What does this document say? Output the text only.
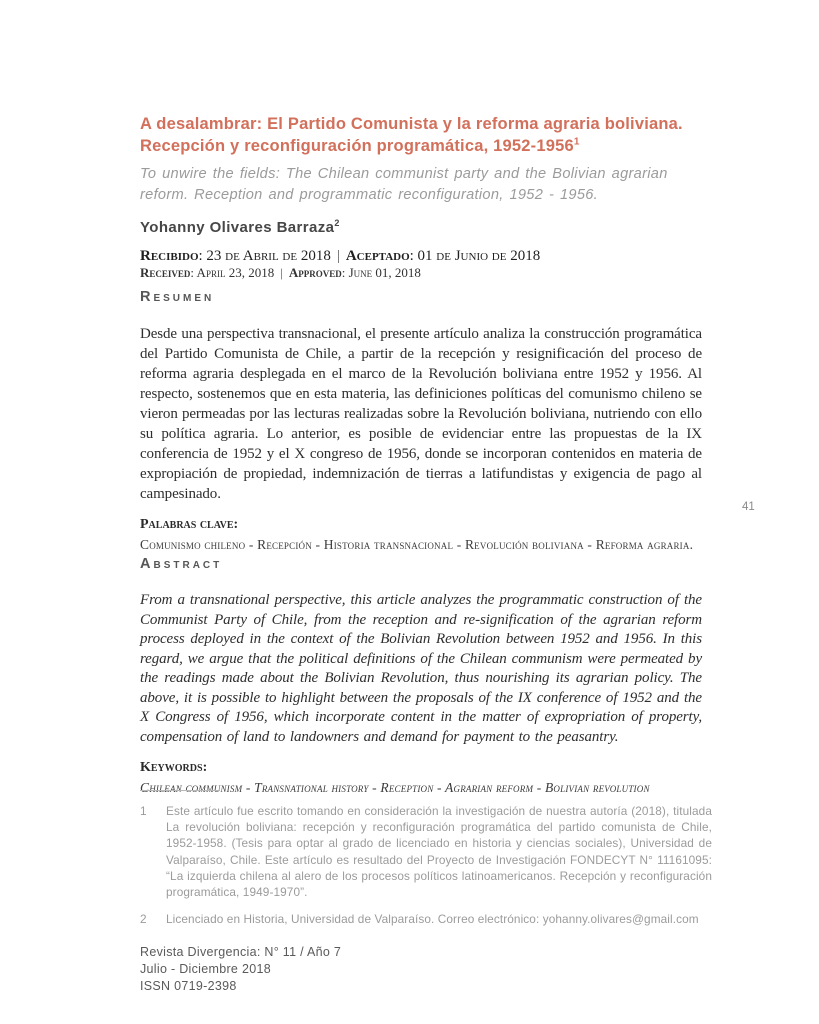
A desalambrar: El Partido Comunista y la reforma agraria boliviana.
Recepción y reconfiguración programática, 1952-1956$^1$
To unwire the fields: The Chilean communist party and the Bolivian agrarian reform. Reception and programmatic reconfiguration, 1952 - 1956.
Yohanny Olivares Barraza$^2$
Recibido: 23 de Abril de 2018 | Aceptado: 01 de Junio de 2018
Received: April 23, 2018 | Approved: June 01, 2018
Resumen
Desde una perspectiva transnacional, el presente artículo analiza la construcción programática del Partido Comunista de Chile, a partir de la recepción y resignificación del proceso de reforma agraria desplegada en el marco de la Revolución boliviana entre 1952 y 1956. Al respecto, sostenemos que en esta materia, las definiciones políticas del comunismo chileno se vieron permeadas por las lecturas realizadas sobre la Revolución boliviana, nutriendo con ello su política agraria. Lo anterior, es posible de evidenciar entre las propuestas de la IX conferencia de 1952 y el X congreso de 1956, donde se incorporan contenidos en materia de expropiación de propiedad, indemnización de tierras a latifundistas y exigencia de pago al campesinado.
Palabras clave:
Comunismo chileno - Recepción - Historia transnacional - Revolución boliviana - Reforma agraria.
Abstract
From a transnational perspective, this article analyzes the programmatic construction of the Communist Party of Chile, from the reception and re-signification of the agrarian reform process deployed in the context of the Bolivian Revolution between 1952 and 1956. In this regard, we argue that the political definitions of the Chilean communism were permeated by the readings made about the Bolivian Revolution, thus nourishing its agrarian policy. The above, it is possible to highlight between the proposals of the IX conference of 1952 and the X Congress of 1956, which incorporate content in the matter of expropriation of property, compensation of land to landowners and demand for payment to the peasantry.
Keywords:
Chilean communism - Transnational history - Reception - Agrarian reform - Bolivian revolution
1	Este artículo fue escrito tomando en consideración la investigación de nuestra autoría (2018), titulada La revolución boliviana: recepción y reconfiguración programática del partido comunista de Chile, 1952-1958. (Tesis para optar al grado de licenciado en historia y ciencias sociales), Universidad de Valparaíso, Chile. Este artículo es resultado del Proyecto de Investigación FONDECYT N° 11161095: “La izquierda chilena al alero de los procesos políticos latinoamericanos. Recepción y reconfiguración programática, 1949-1970”.
2	Licenciado en Historia, Universidad de Valparaíso. Correo electrónico: yohanny.olivares@gmail.com
Revista Divergencia: N° 11 / Año 7
Julio - Diciembre 2018
ISSN 0719-2398
41
